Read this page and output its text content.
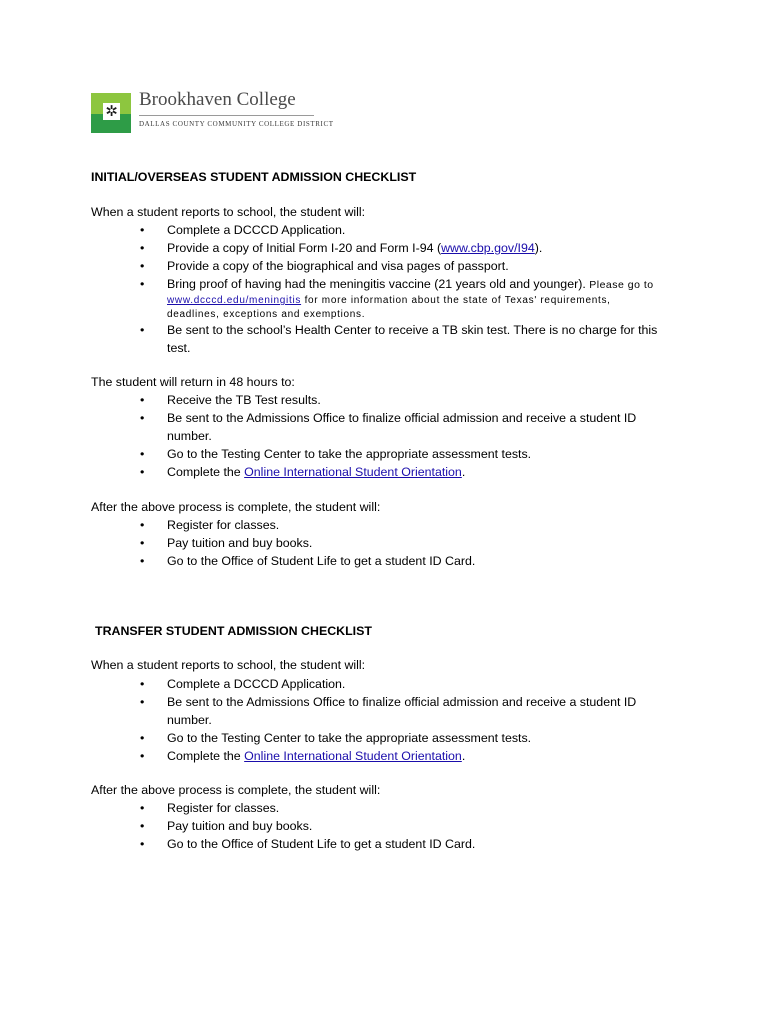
✲
Brookhaven College
DALLAS COUNTY COMMUNITY COLLEGE DISTRICT
INITIAL/OVERSEAS STUDENT ADMISSION CHECKLIST
When a student reports to school, the student will:
• Complete a DCCCD Application.
• Provide a copy of Initial Form I-20 and Form I-94 (www.cbp.gov/I94).
• Provide a copy of the biographical and visa pages of passport.
• Bring proof of having had the meningitis vaccine (21 years old and younger). Please go to
www.dcccd.edu/meningitis for more information about the state of Texas' requirements,
deadlines, exceptions and exemptions.
• Be sent to the school’s Health Center to receive a TB skin test. There is no charge for this
test.
The student will return in 48 hours to:
• Receive the TB Test results.
• Be sent to the Admissions Office to finalize official admission and receive a student ID
number.
• Go to the Testing Center to take the appropriate assessment tests.
• Complete the Online International Student Orientation.
After the above process is complete, the student will:
• Register for classes.
• Pay tuition and buy books.
• Go to the Office of Student Life to get a student ID Card.
TRANSFER STUDENT ADMISSION CHECKLIST
When a student reports to school, the student will:
• Complete a DCCCD Application.
• Be sent to the Admissions Office to finalize official admission and receive a student ID
number.
• Go to the Testing Center to take the appropriate assessment tests.
• Complete the Online International Student Orientation.
After the above process is complete, the student will:
• Register for classes.
• Pay tuition and buy books.
• Go to the Office of Student Life to get a student ID Card.
